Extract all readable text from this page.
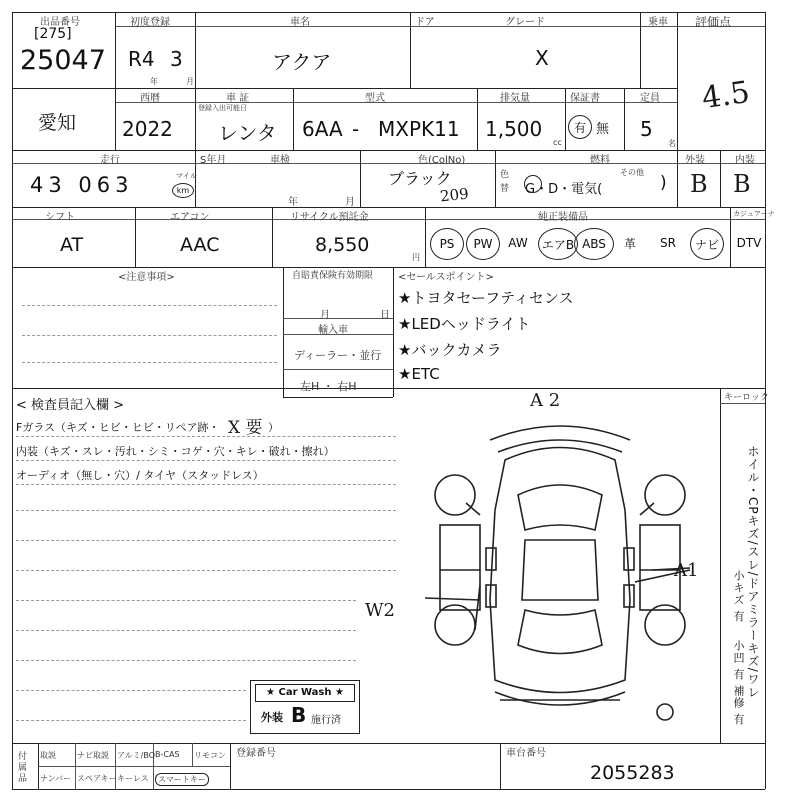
出品番号
[275]
25047
初度登録
R4 3
年	月
車名
アクア
ドア	グレード
X
乗車 評価点
4.5
愛知
西暦
2022
車 証
登録入出可能日
レンタ
型式
6AA - MXPK11
排気量
1,500
cc
保証書
有 無
定員
5
名
走行
43 063	マイル
km
S年月	車検
年	月
色(ColNo)
ブラック
209
色替
燃料
G・D・電気(
その他
)
外装	内装
B B
シフト
AT
エアコン
AAC
リサイクル預託金
8,550
円
純正装備品	カジュアーナ
PS	PW	AW	エアB ABS	革	SR	ナビ	DTV
<注意事項>	自賠責保険有効期限
月	日
輸入車
ディーラー・並行
左H ・ 右H
<セールスポイント>
★トヨタセーフティセンス
★LEDヘッドライト
★バックカメラ
★ETC
< 検査員記入欄 >
Fガラス（キズ・ヒビ・ヒビ・リペア跡・ X 要 ）
内装（キズ・スレ・汚れ・シミ・コゲ・穴・キレ・破れ・擦れ）
オーディオ（無し・穴）/ タイヤ（スタッドレス）
キーロック
ホイル・CPキズ/スレ/ドアミラーキズ/ワレ
小キズ 有
小凹 有
補修 有
A 2
A1
W2
★ Car Wash ★
外装 B 施行済
付属品
取説	ナビ取説 アルミ/BO B-CAS リモコン
ナンバー スペアキー キーレス	スマートキー
登録番号	車台番号
2055283
